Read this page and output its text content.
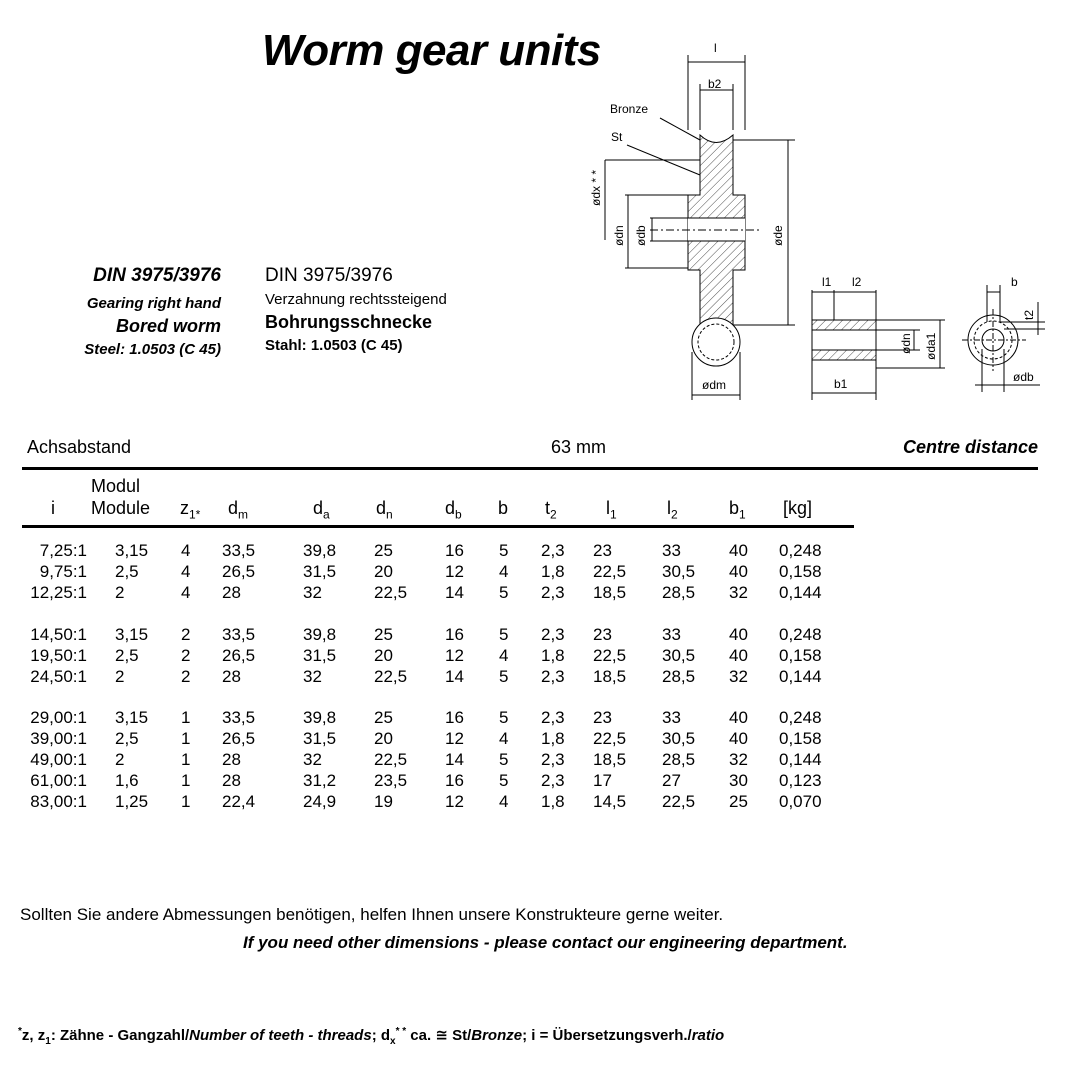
Worm gear units
DIN 3975/3976
Gearing right hand
Bored worm
Steel: 1.0503 (C 45)
DIN 3975/3976
Verzahnung rechtssteigend
Bohrungsschnecke
Stahl: 1.0503 (C 45)
l
b2
Bronze
St
ødx * *
ødn ødb	øde
ødm
l1 l2
b1
ødn øda1
b
t2
ødb
Achsabstand	63 mm	Centre distance
Modul
i Module $z_{1*}$ $d_m$	$d_a$	$d_n$	$d_b$ b $t_2$	$l_1$	$l_2$	$b_1$ [kg]
7,25:1 3,15 4 33,5	39,8 25	16 5 2,3 23	33	40 0,248
9,75:1 2,5 4 26,5	31,5 20	12 4 1,8 22,5 30,5 40 0,158
12,25:1 2	4 28	32	22,5 14 5 2,3 18,5 28,5 32 0,144
14,50:1 3,15 2 33,5	39,8 25	16 5 2,3 23	33	40 0,248
19,50:1 2,5 2 26,5	31,5 20	12 4 1,8 22,5 30,5 40 0,158
24,50:1 2	2 28	32	22,5 14 5 2,3 18,5 28,5 32 0,144
29,00:1 3,15 1 33,5	39,8 25	16 5 2,3 23	33	40 0,248
39,00:1 2,5 1 26,5	31,5 20	12 4 1,8 22,5 30,5 40 0,158
49,00:1 2	1 28	32	22,5 14 5 2,3 18,5 28,5 32 0,144
61,00:1 1,6 1 28	31,2 23,5 16 5 2,3 17	27	30 0,123
83,00:1 1,25 1 22,4	24,9 19	12 4 1,8 14,5 22,5 25 0,070
Sollten Sie andere Abmessungen benötigen, helfen Ihnen unsere Konstrukteure gerne weiter.
If you need other dimensions - please contact our engineering department.
*z, $z_1$: Zähne - Gangzahl/Number of teeth - threads; $d_x^{* *}$ ca. ≅ St/Bronze; i = Übersetzungsverh./ratio
